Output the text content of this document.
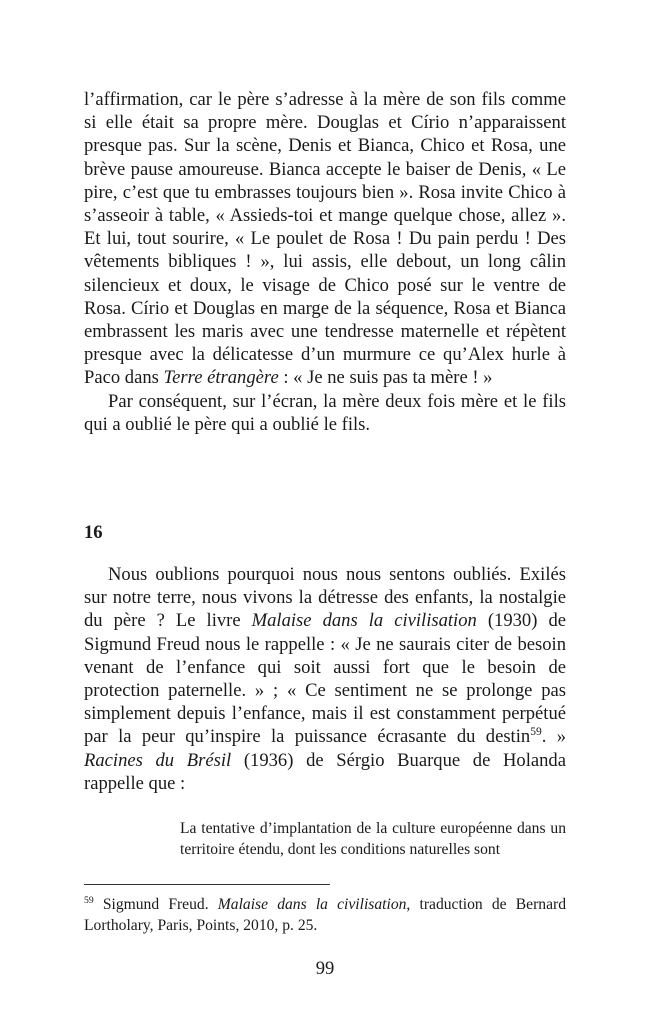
l’affirmation, car le père s’adresse à la mère de son fils comme si elle était sa propre mère. Douglas et Círio n’apparaissent presque pas. Sur la scène, Denis et Bianca, Chico et Rosa, une brève pause amoureuse. Bianca accepte le baiser de Denis, « Le pire, c’est que tu embrasses toujours bien ». Rosa invite Chico à s’asseoir à table, « Assieds-toi et mange quelque chose, allez ». Et lui, tout sourire, « Le poulet de Rosa ! Du pain perdu ! Des vêtements bibliques ! », lui assis, elle debout, un long câlin silencieux et doux, le visage de Chico posé sur le ventre de Rosa. Círio et Douglas en marge de la séquence, Rosa et Bianca embrassent les maris avec une tendresse maternelle et répètent presque avec la délicatesse d’un murmure ce qu’Alex hurle à Paco dans Terre étrangère : « Je ne suis pas ta mère ! »

Par conséquent, sur l’écran, la mère deux fois mère et le fils qui a oublié le père qui a oublié le fils.

16

Nous oublions pourquoi nous nous sentons oubliés. Exilés sur notre terre, nous vivons la détresse des enfants, la nostalgie du père ? Le livre Malaise dans la civilisation (1930) de Sigmund Freud nous le rappelle : « Je ne saurais citer de besoin venant de l’enfance qui soit aussi fort que le besoin de protection paternelle. » ; « Ce sentiment ne se prolonge pas simplement depuis l’enfance, mais il est constamment perpétué par la peur qu’inspire la puissance écrasante du destin$^{59}$. » Racines du Brésil (1936) de Sérgio Buarque de Holanda rappelle que :

La tentative d’implantation de la culture européenne dans un territoire étendu, dont les conditions naturelles sont

$^{59}$ Sigmund Freud. Malaise dans la civilisation, traduction de Bernard Lortholary, Paris, Points, 2010, p. 25.

99
